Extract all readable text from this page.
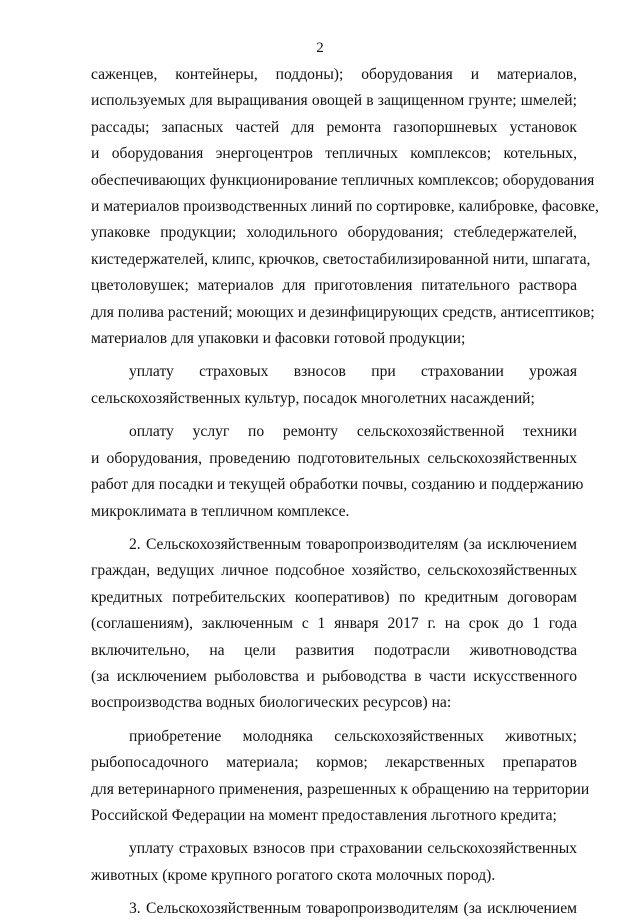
2
саженцев, контейнеры, поддоны); оборудования и материалов,
используемых для выращивания овощей в защищенном грунте; шмелей;
рассады; запасных частей для ремонта газопоршневых установок
и оборудования энергоцентров тепличных комплексов; котельных,
обеспечивающих функционирование тепличных комплексов; оборудования
и материалов производственных линий по сортировке, калибровке, фасовке,
упаковке продукции; холодильного оборудования; стебледержателей,
кистедержателей, клипс, крючков, светостабилизированной нити, шпагата,
цветоловушек; материалов для приготовления питательного раствора
для полива растений; моющих и дезинфицирующих средств, антисептиков;
материалов для упаковки и фасовки готовой продукции;
уплату страховых взносов при страховании урожая
сельскохозяйственных культур, посадок многолетних насаждений;
оплату услуг по ремонту сельскохозяйственной техники
и оборудования, проведению подготовительных сельскохозяйственных
работ для посадки и текущей обработки почвы, созданию и поддержанию
микроклимата в тепличном комплексе.
2. Сельскохозяйственным товаропроизводителям (за исключением
граждан, ведущих личное подсобное хозяйство, сельскохозяйственных
кредитных потребительских кооперативов) по кредитным договорам
(соглашениям), заключенным с 1 января 2017 г. на срок до 1 года
включительно, на цели развития подотрасли животноводства
(за исключением рыболовства и рыбоводства в части искусственного
воспроизводства водных биологических ресурсов) на:
приобретение молодняка сельскохозяйственных животных;
рыбопосадочного материала; кормов; лекарственных препаратов
для ветеринарного применения, разрешенных к обращению на территории
Российской Федерации на момент предоставления льготного кредита;
уплату страховых взносов при страховании сельскохозяйственных
животных (кроме крупного рогатого скота молочных пород).
3. Сельскохозяйственным товаропроизводителям (за исключением
